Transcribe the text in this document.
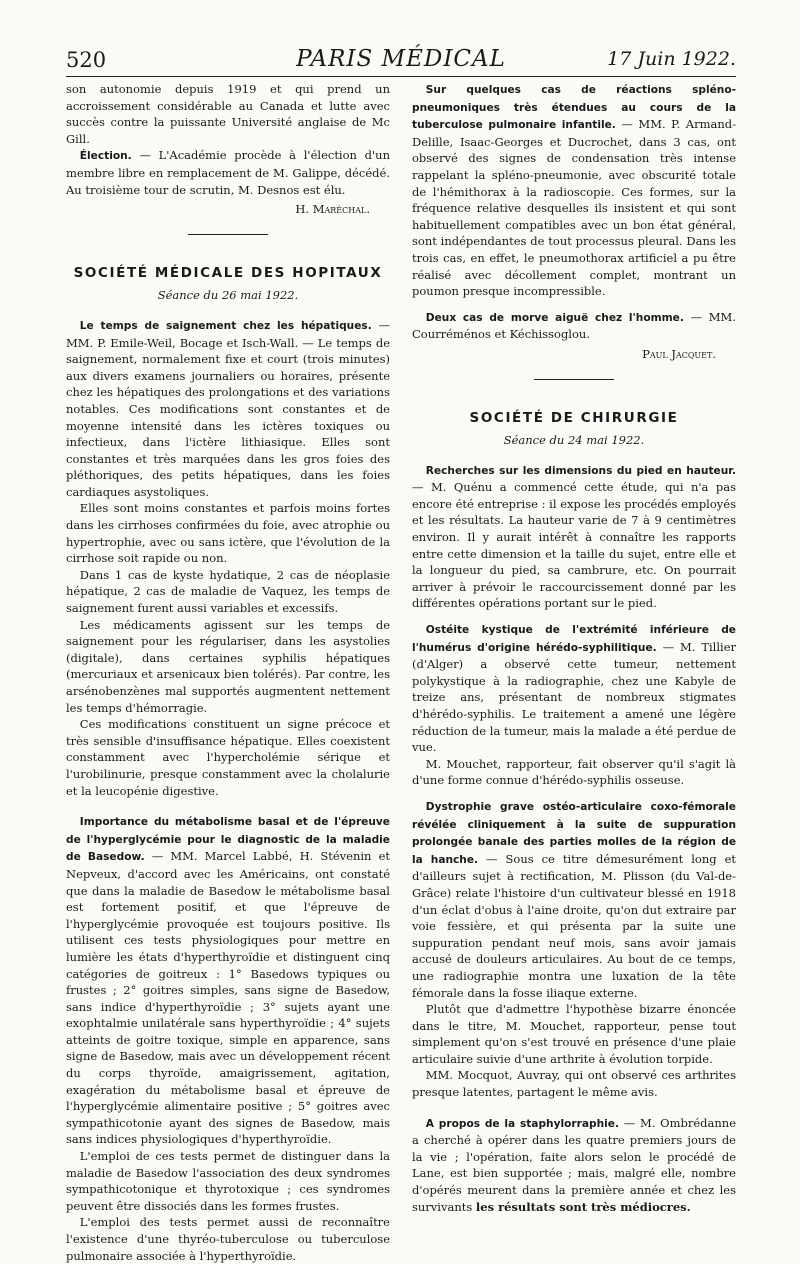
520	PARIS MÉDICAL	17 Juin 1922.

son autonomie depuis 1919 et qui prend un accroissement considérable au Canada et lutte avec succès contre la puissante Université anglaise de Mc Gill.

Élection. — L'Académie procède à l'élection d'un membre libre en remplacement de M. Galippe, décédé. Au troisième tour de scrutin, M. Desnos est élu.

H. Maréchal.
SOCIÉTÉ MÉDICALE DES HOPITAUX
Séance du 26 mai 1922.

Le temps de saignement chez les hépatiques. — MM. P. Emile-Weil, Bocage et Isch-Wall. — Le temps de saignement, normalement fixe et court (trois minutes) aux divers examens journaliers ou horaires, présente chez les hépatiques des prolongations et des variations notables. Ces modifications sont constantes et de moyenne intensité dans les ictères toxiques ou infectieux, dans l'ictère lithiasique. Elles sont constantes et très marquées dans les gros foies des pléthoriques, des petits hépatiques, dans les foies cardiaques asystoliques.

Elles sont moins constantes et parfois moins fortes dans les cirrhoses confirmées du foie, avec atrophie ou hypertrophie, avec ou sans ictère, que l'évolution de la cirrhose soit rapide ou non.

Dans 1 cas de kyste hydatique, 2 cas de néoplasie hépatique, 2 cas de maladie de Vaquez, les temps de saignement furent aussi variables et excessifs.

Les médicaments agissent sur les temps de saignement pour les régulariser, dans les asystolies (digitale), dans certaines syphilis hépatiques (mercuriaux et arsenicaux bien tolérés). Par contre, les arsénobenzènes mal supportés augmentent nettement les temps d'hémorragie.

Ces modifications constituent un signe précoce et très sensible d'insuffisance hépatique. Elles coexistent constamment avec l'hypercholémie sérique et l'urobilinurie, presque constamment avec la cholalurie et la leucopénie digestive.

Importance du métabolisme basal et de l'épreuve de l'hyperglycémie pour le diagnostic de la maladie de Basedow. — MM. Marcel Labbé, H. Stévenin et Nepveux, d'accord avec les Américains, ont constaté que dans la maladie de Basedow le métabolisme basal est fortement positif, et que l'épreuve de l'hyperglycémie provoquée est toujours positive. Ils utilisent ces tests physiologiques pour mettre en lumière les états d'hyperthyroïdie et distinguent cinq catégories de goitreux : 1° Basedows typiques ou frustes ; 2° goitres simples, sans signe de Basedow, sans indice d'hyperthyroïdie ; 3° sujets ayant une exophtalmie unilatérale sans hyperthyroïdie ; 4° sujets atteints de goitre toxique, simple en apparence, sans signe de Basedow, mais avec un développement récent du corps thyroïde, amaigrissement, agitation, exagération du métabolisme basal et épreuve de l'hyperglycémie alimentaire positive ; 5° goitres avec sympathicotonie ayant des signes de Basedow, mais sans indices physiologiques d'hyperthyroïdie.

L'emploi de ces tests permet de distinguer dans la maladie de Basedow l'association des deux syndromes sympathicotonique et thyrotoxique ; ces syndromes peuvent être dissociés dans les formes frustes.

L'emploi des tests permet aussi de reconnaître l'existence d'une thyréo-tuberculose ou tuberculose pulmonaire associée à l'hyperthyroïdie.

Sur quelques cas de réactions spléno-pneumoniques très étendues au cours de la tuberculose pulmonaire infantile. — MM. P. Armand-Delille, Isaac-Georges et Ducrochet, dans 3 cas, ont observé des signes de condensation très intense rappelant la spléno-pneumonie, avec obscurité totale de l'hémithorax à la radioscopie. Ces formes, sur la fréquence relative desquelles ils insistent et qui sont habituellement compatibles avec un bon état général, sont indépendantes de tout processus pleural. Dans les trois cas, en effet, le pneumothorax artificiel a pu être réalisé avec décollement complet, montrant un poumon presque incompressible.

Deux cas de morve aiguë chez l'homme. — MM. Courréménos et Kéchissoglou.

Paul Jacquet.
SOCIÉTÉ DE CHIRURGIE
Séance du 24 mai 1922.

Recherches sur les dimensions du pied en hauteur. — M. Quénu a commencé cette étude, qui n'a pas encore été entreprise : il expose les procédés employés et les résultats. La hauteur varie de 7 à 9 centimètres environ. Il y aurait intérêt à connaître les rapports entre cette dimension et la taille du sujet, entre elle et la longueur du pied, sa cambrure, etc. On pourrait arriver à prévoir le raccourcissement donné par les différentes opérations portant sur le pied.

Ostéite kystique de l'extrémité inférieure de l'humérus d'origine hérédo-syphilitique. — M. Tillier (d'Alger) a observé cette tumeur, nettement polykystique à la radiographie, chez une Kabyle de treize ans, présentant de nombreux stigmates d'hérédo-syphilis. Le traitement a amené une légère réduction de la tumeur, mais la malade a été perdue de vue.

M. Mouchet, rapporteur, fait observer qu'il s'agit là d'une forme connue d'hérédo-syphilis osseuse.

Dystrophie grave ostéo-articulaire coxo-fémorale révélée cliniquement à la suite de suppuration prolongée banale des parties molles de la région de la hanche. — Sous ce titre démesurément long et d'ailleurs sujet à rectification, M. Plisson (du Val-de-Grâce) relate l'histoire d'un cultivateur blessé en 1918 d'un éclat d'obus à l'aine droite, qu'on dut extraire par voie fessière, et qui présenta par la suite une suppuration pendant neuf mois, sans avoir jamais accusé de douleurs articulaires. Au bout de ce temps, une radiographie montra une luxation de la tête fémorale dans la fosse iliaque externe.

Plutôt que d'admettre l'hypothèse bizarre énoncée dans le titre, M. Mouchet, rapporteur, pense tout simplement qu'on s'est trouvé en présence d'une plaie articulaire suivie d'une arthrite à évolution torpide.

MM. Mocquot, Auvray, qui ont observé ces arthrites presque latentes, partagent le même avis.

A propos de la staphylorraphie. — M. Ombrédanne a cherché à opérer dans les quatre premiers jours de la vie ; l'opération, faite alors selon le procédé de Lane, est bien supportée ; mais, malgré elle, nombre d'opérés meurent dans la première année et chez les survivants les résultats sont très médiocres.
